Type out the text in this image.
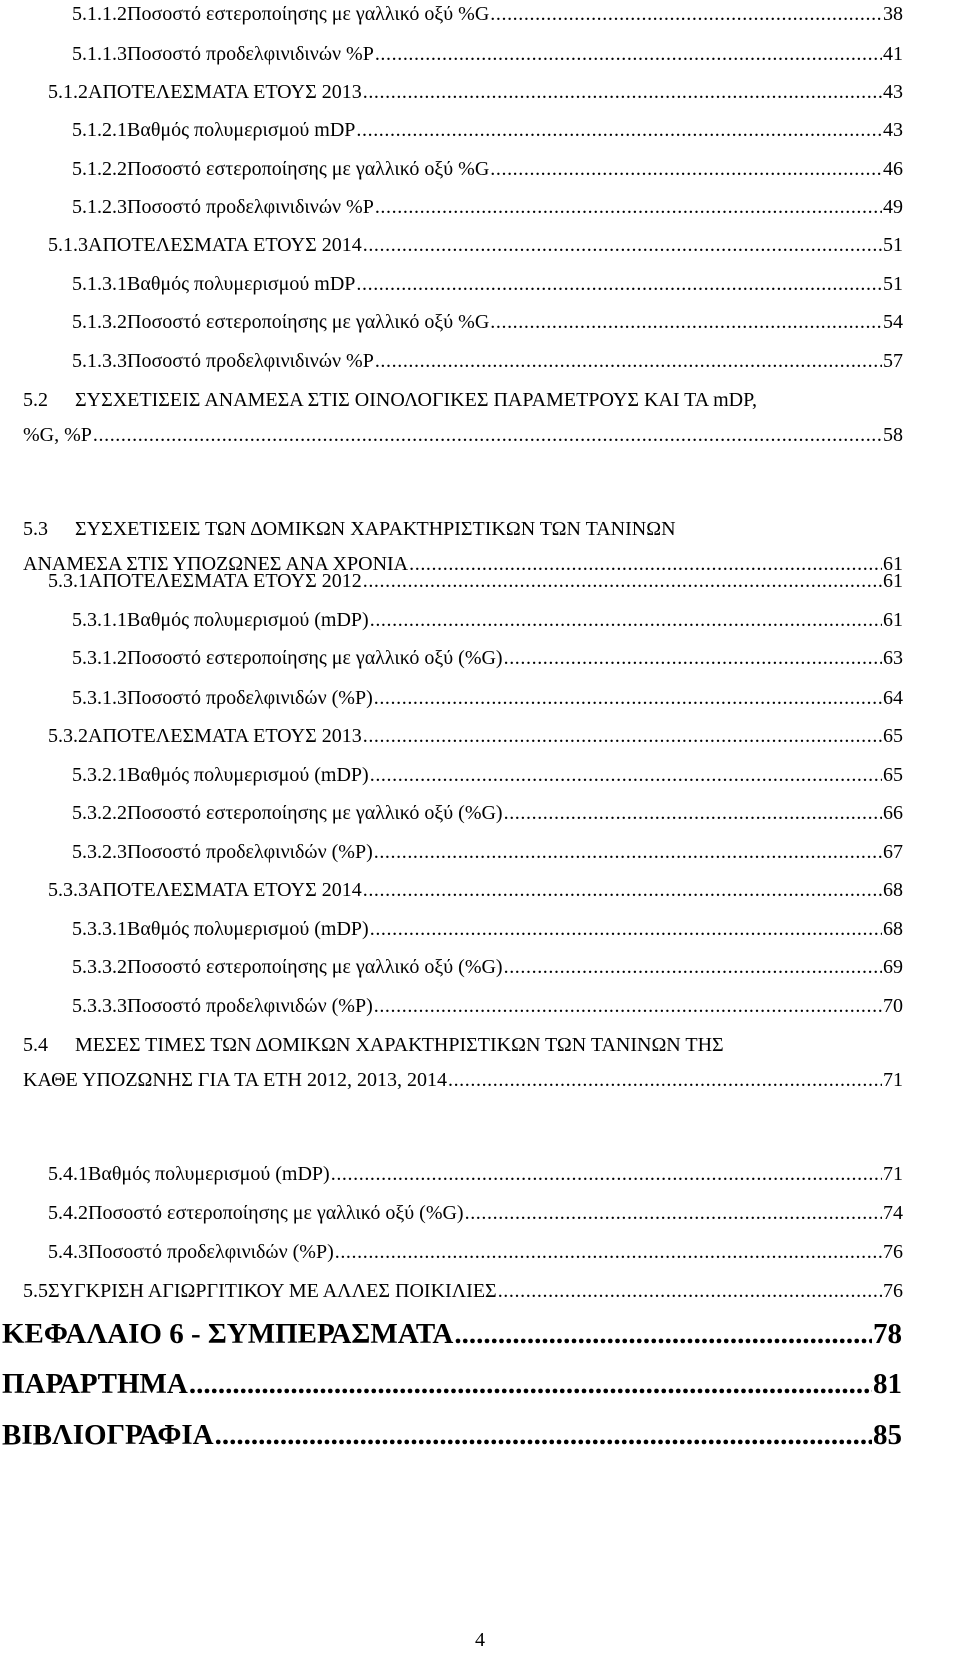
5.1.1.2 Ποσοστό εστεροποίησης με γαλλικό οξύ %G .....	38
5.1.1.3 Ποσοστό προδελφινιδινών %P .....	41
5.1.2 ΑΠΟΤΕΛΕΣΜΑΤΑ ΕΤΟΥΣ 2013 .....	43
5.1.2.1 Βαθμός πολυμερισμού mDP .....	43
5.1.2.2 Ποσοστό εστεροποίησης με γαλλικό οξύ %G .....	46
5.1.2.3 Ποσοστό προδελφινιδινών %P .....	49
5.1.3 ΑΠΟΤΕΛΕΣΜΑΤΑ ΕΤΟΥΣ 2014 .....	51
5.1.3.1 Βαθμός πολυμερισμού mDP .....	51
5.1.3.2 Ποσοστό εστεροποίησης με γαλλικό οξύ %G .....	54
5.1.3.3 Ποσοστό προδελφινιδινών %P .....	57
5.2	ΣΥΣΧΕΤΙΣΕΙΣ ΑΝΑΜΕΣΑ ΣΤΙΣ ΟΙΝΟΛΟΓΙΚΕΣ ΠΑΡΑΜΕΤΡΟΥΣ ΚΑΙ ΤΑ mDP,
%G, %P .....	58
5.3	ΣΥΣΧΕΤΙΣΕΙΣ ΤΩΝ ΔΟΜΙΚΩΝ ΧΑΡΑΚΤΗΡΙΣΤΙΚΩΝ ΤΩΝ ΤΑΝΙΝΩΝ
ΑΝΑΜΕΣΑ ΣΤΙΣ ΥΠΟΖΩΝΕΣ ΑΝΑ ΧΡΟΝΙΑ .....	61
5.3.1 ΑΠΟΤΕΛΕΣΜΑΤΑ ΕΤΟΥΣ 2012 .....	61
5.3.1.1 Βαθμός πολυμερισμού (mDP) .....	61
5.3.1.2 Ποσοστό εστεροποίησης με γαλλικό οξύ (%G) .....	63
5.3.1.3 Ποσοστό προδελφινιδών (%P) .....	64
5.3.2 ΑΠΟΤΕΛΕΣΜΑΤΑ ΕΤΟΥΣ 2013 .....	65
5.3.2.1 Βαθμός πολυμερισμού (mDP) .....	65
5.3.2.2 Ποσοστό εστεροποίησης με γαλλικό οξύ (%G) .....	66
5.3.2.3 Ποσοστό προδελφινιδών (%P) .....	67
5.3.3 ΑΠΟΤΕΛΕΣΜΑΤΑ ΕΤΟΥΣ 2014 .....	68
5.3.3.1 Βαθμός πολυμερισμού (mDP) .....	68
5.3.3.2 Ποσοστό εστεροποίησης με γαλλικό οξύ (%G) .....	69
5.3.3.3 Ποσοστό προδελφινιδών (%P) .....	70
5.4	ΜΕΣΕΣ ΤΙΜΕΣ ΤΩΝ ΔΟΜΙΚΩΝ ΧΑΡΑΚΤΗΡΙΣΤΙΚΩΝ ΤΩΝ ΤΑΝΙΝΩΝ ΤΗΣ
ΚΑΘΕ ΥΠΟΖΩΝΗΣ ΓΙΑ ΤΑ ΕΤΗ 2012, 2013, 2014 .....	71
5.4.1 Βαθμός πολυμερισμού (mDP) .....	71
5.4.2 Ποσοστό εστεροποίησης με γαλλικό οξύ (%G) .....	74
5.4.3 Ποσοστό προδελφινιδών (%P) .....	76
5.5 ΣΥΓΚΡΙΣΗ ΑΓΙΩΡΓΙΤΙΚΟΥ ΜΕ ΑΛΛΕΣ ΠΟΙΚΙΛΙΕΣ .....	76
ΚΕΦΑΛΑΙΟ 6 - ΣΥΜΠΕΡΑΣΜΑΤΑ .....	78
ΠΑΡΑΡΤΗΜΑ .....	81
ΒΙΒΛΙΟΓΡΑΦΙΑ .....	85
4
